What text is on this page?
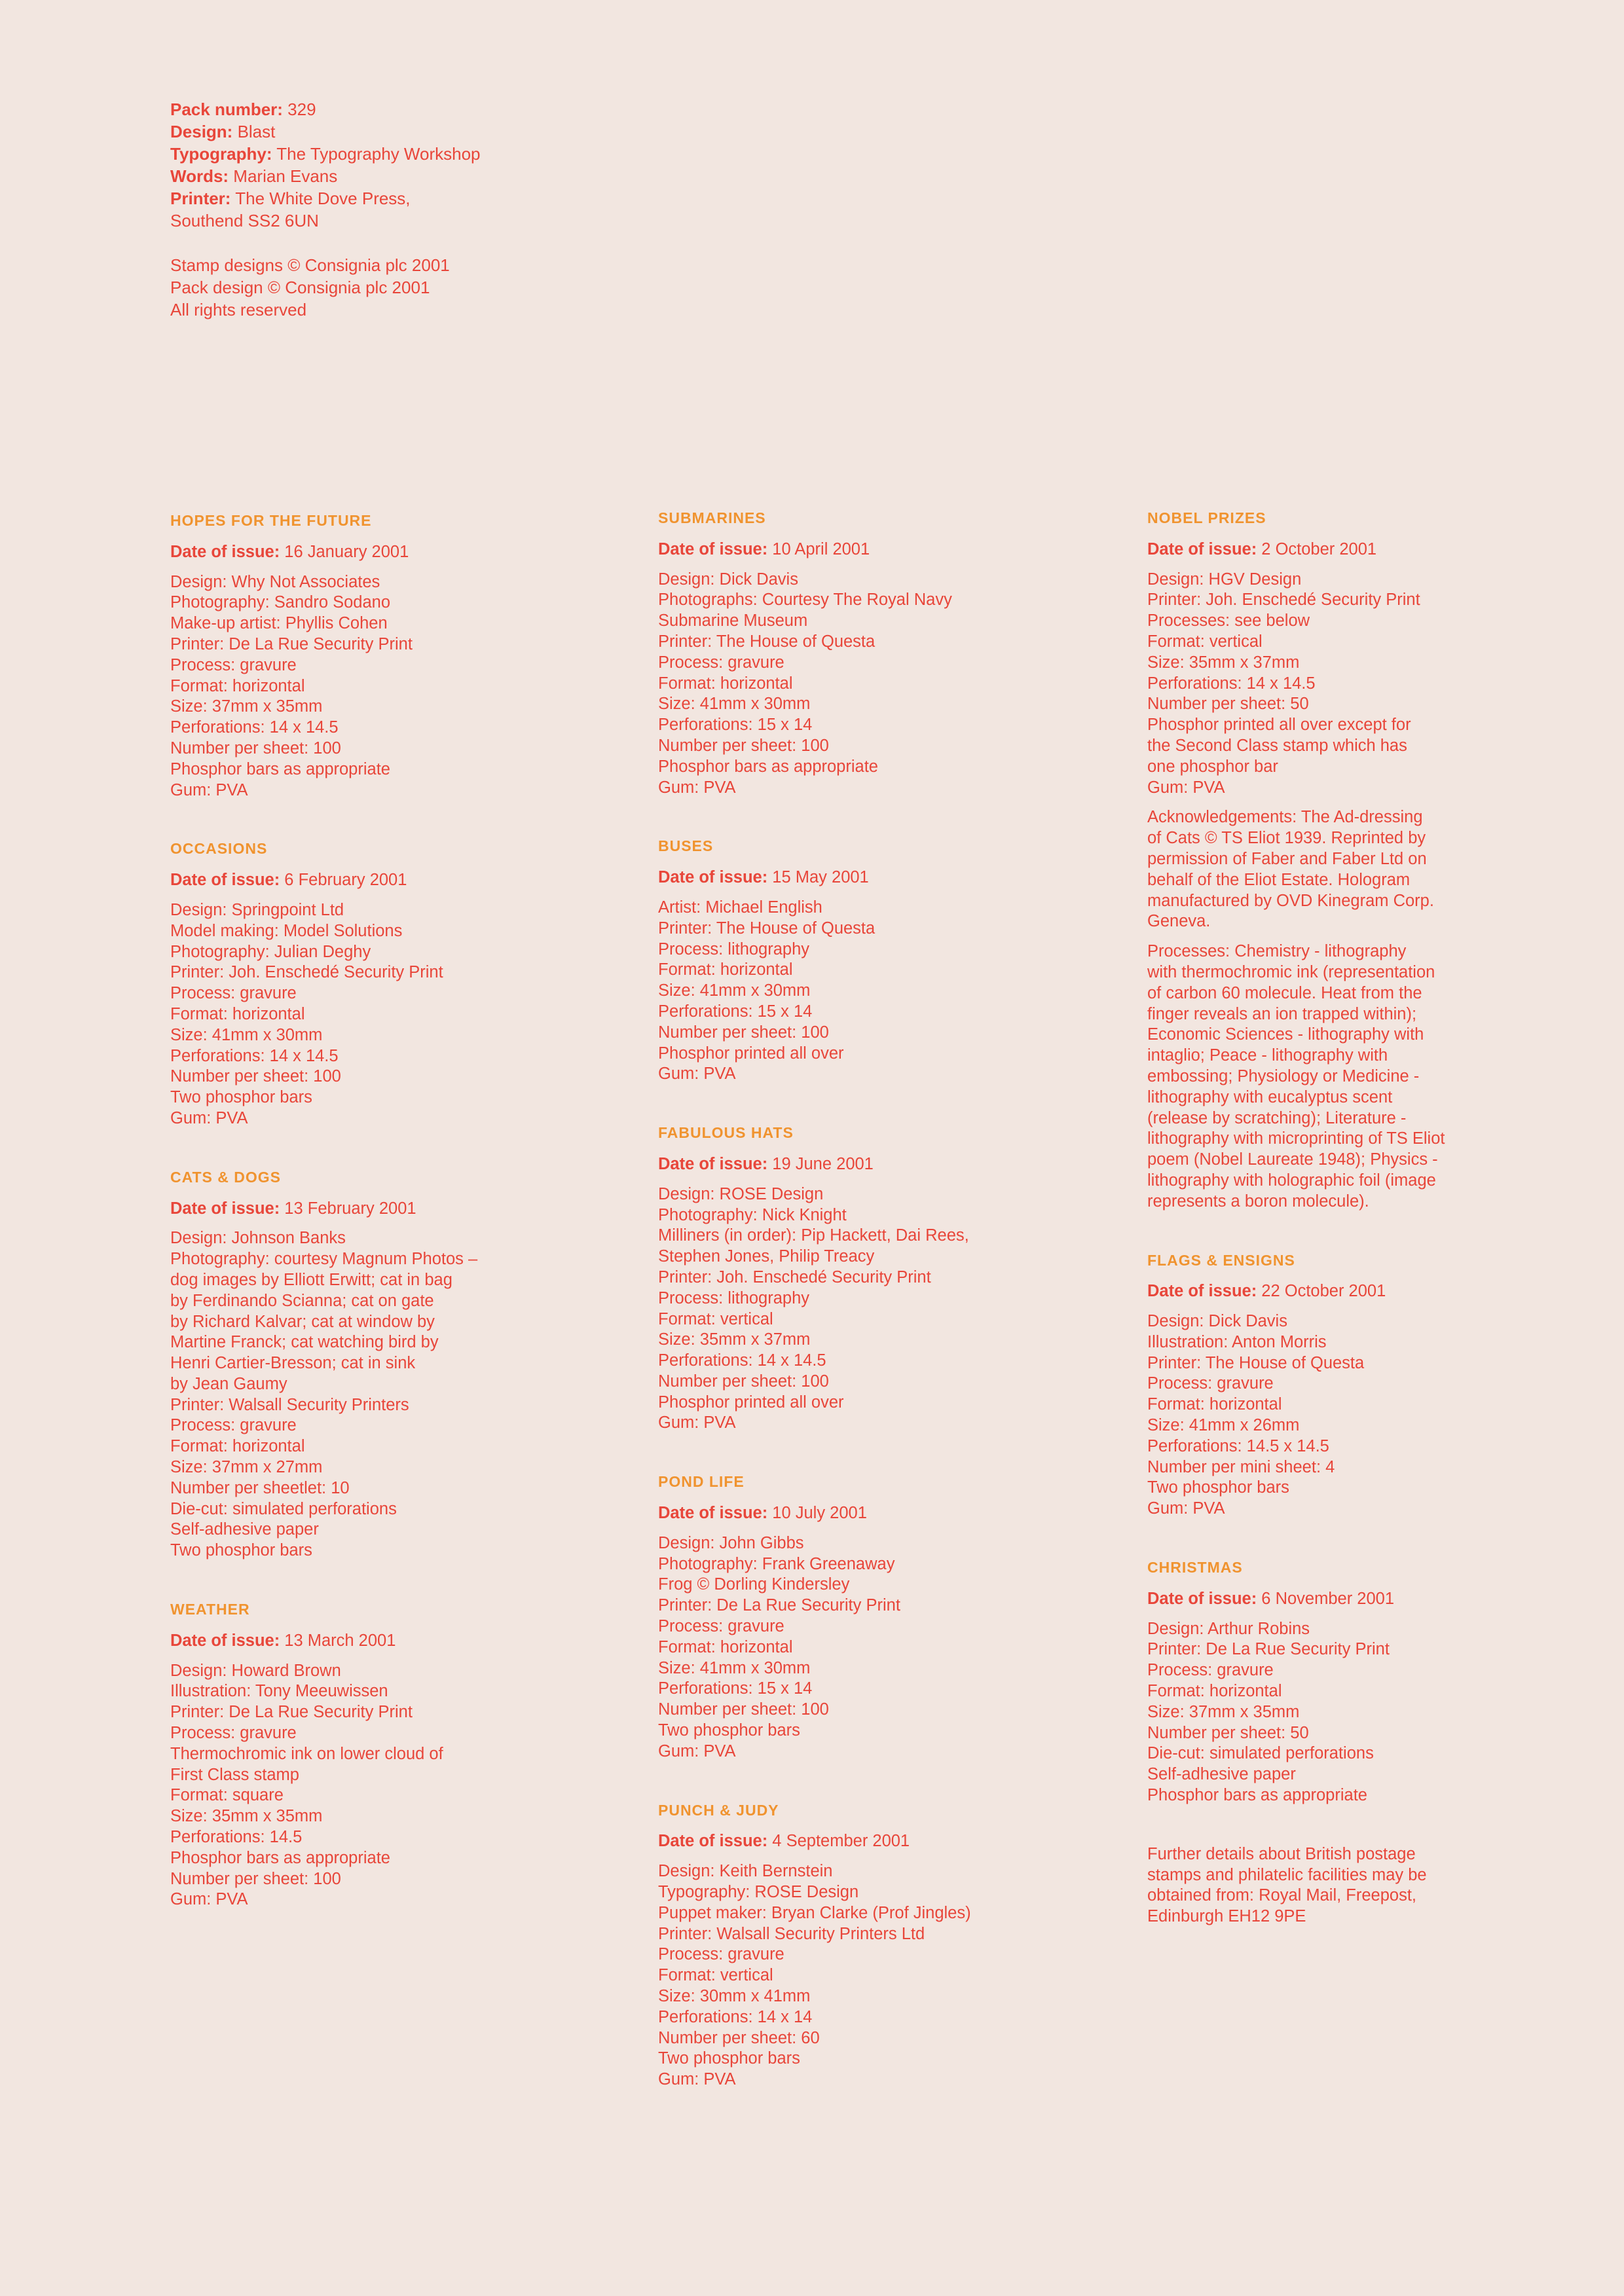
Pack number: 329
Design: Blast
Typography: The Typography Workshop
Words: Marian Evans
Printer: The White Dove Press,
Southend SS2 6UN
Stamp designs © Consignia plc 2001
Pack design © Consignia plc 2001
All rights reserved
HOPES FOR THE FUTURE
Date of issue: 16 January 2001
Design: Why Not Associates
Photography: Sandro Sodano
Make-up artist: Phyllis Cohen
Printer: De La Rue Security Print
Process: gravure
Format: horizontal
Size: 37mm x 35mm
Perforations: 14 x 14.5
Number per sheet: 100
Phosphor bars as appropriate
Gum: PVA
OCCASIONS
Date of issue: 6 February 2001
Design: Springpoint Ltd
Model making: Model Solutions
Photography: Julian Deghy
Printer: Joh. Enschedé Security Print
Process: gravure
Format: horizontal
Size: 41mm x 30mm
Perforations: 14 x 14.5
Number per sheet: 100
Two phosphor bars
Gum: PVA
CATS & DOGS
Date of issue: 13 February 2001
Design: Johnson Banks
Photography: courtesy Magnum Photos –
dog images by Elliott Erwitt; cat in bag
by Ferdinando Scianna; cat on gate
by Richard Kalvar; cat at window by
Martine Franck; cat watching bird by
Henri Cartier-Bresson; cat in sink
by Jean Gaumy
Printer: Walsall Security Printers
Process: gravure
Format: horizontal
Size: 37mm x 27mm
Number per sheetlet: 10
Die-cut: simulated perforations
Self-adhesive paper
Two phosphor bars
WEATHER
Date of issue: 13 March 2001
Design: Howard Brown
Illustration: Tony Meeuwissen
Printer: De La Rue Security Print
Process: gravure
Thermochromic ink on lower cloud of
First Class stamp
Format: square
Size: 35mm x 35mm
Perforations: 14.5
Phosphor bars as appropriate
Number per sheet: 100
Gum: PVA
SUBMARINES
Date of issue: 10 April 2001
Design: Dick Davis
Photographs: Courtesy The Royal Navy
Submarine Museum
Printer: The House of Questa
Process: gravure
Format: horizontal
Size: 41mm x 30mm
Perforations: 15 x 14
Number per sheet: 100
Phosphor bars as appropriate
Gum: PVA
BUSES
Date of issue: 15 May 2001
Artist: Michael English
Printer: The House of Questa
Process: lithography
Format: horizontal
Size: 41mm x 30mm
Perforations: 15 x 14
Number per sheet: 100
Phosphor printed all over
Gum: PVA
FABULOUS HATS
Date of issue: 19 June 2001
Design: ROSE Design
Photography: Nick Knight
Milliners (in order): Pip Hackett, Dai Rees,
Stephen Jones, Philip Treacy
Printer: Joh. Enschedé Security Print
Process: lithography
Format: vertical
Size: 35mm x 37mm
Perforations: 14 x 14.5
Number per sheet: 100
Phosphor printed all over
Gum: PVA
POND LIFE
Date of issue: 10 July 2001
Design: John Gibbs
Photography: Frank Greenaway
Frog © Dorling Kindersley
Printer: De La Rue Security Print
Process: gravure
Format: horizontal
Size: 41mm x 30mm
Perforations: 15 x 14
Number per sheet: 100
Two phosphor bars
Gum: PVA
PUNCH & JUDY
Date of issue: 4 September 2001
Design: Keith Bernstein
Typography: ROSE Design
Puppet maker: Bryan Clarke (Prof Jingles)
Printer: Walsall Security Printers Ltd
Process: gravure
Format: vertical
Size: 30mm x 41mm
Perforations: 14 x 14
Number per sheet: 60
Two phosphor bars
Gum: PVA
NOBEL PRIZES
Date of issue: 2 October 2001
Design: HGV Design
Printer: Joh. Enschedé Security Print
Processes: see below
Format: vertical
Size: 35mm x 37mm
Perforations: 14 x 14.5
Number per sheet: 50
Phosphor printed all over except for
the Second Class stamp which has
one phosphor bar
Gum: PVA
Acknowledgements: The Ad-dressing
of Cats © TS Eliot 1939. Reprinted by
permission of Faber and Faber Ltd on
behalf of the Eliot Estate. Hologram
manufactured by OVD Kinegram Corp.
Geneva.
Processes: Chemistry - lithography
with thermochromic ink (representation
of carbon 60 molecule. Heat from the
finger reveals an ion trapped within);
Economic Sciences - lithography with
intaglio; Peace - lithography with
embossing; Physiology or Medicine -
lithography with eucalyptus scent
(release by scratching); Literature -
lithography with microprinting of TS Eliot
poem (Nobel Laureate 1948); Physics -
lithography with holographic foil (image
represents a boron molecule).
FLAGS & ENSIGNS
Date of issue: 22 October 2001
Design: Dick Davis
Illustration: Anton Morris
Printer: The House of Questa
Process: gravure
Format: horizontal
Size: 41mm x 26mm
Perforations: 14.5 x 14.5
Number per mini sheet: 4
Two phosphor bars
Gum: PVA
CHRISTMAS
Date of issue: 6 November 2001
Design: Arthur Robins
Printer: De La Rue Security Print
Process: gravure
Format: horizontal
Size: 37mm x 35mm
Number per sheet: 50
Die-cut: simulated perforations
Self-adhesive paper
Phosphor bars as appropriate
Further details about British postage
stamps and philatelic facilities may be
obtained from: Royal Mail, Freepost,
Edinburgh EH12 9PE
